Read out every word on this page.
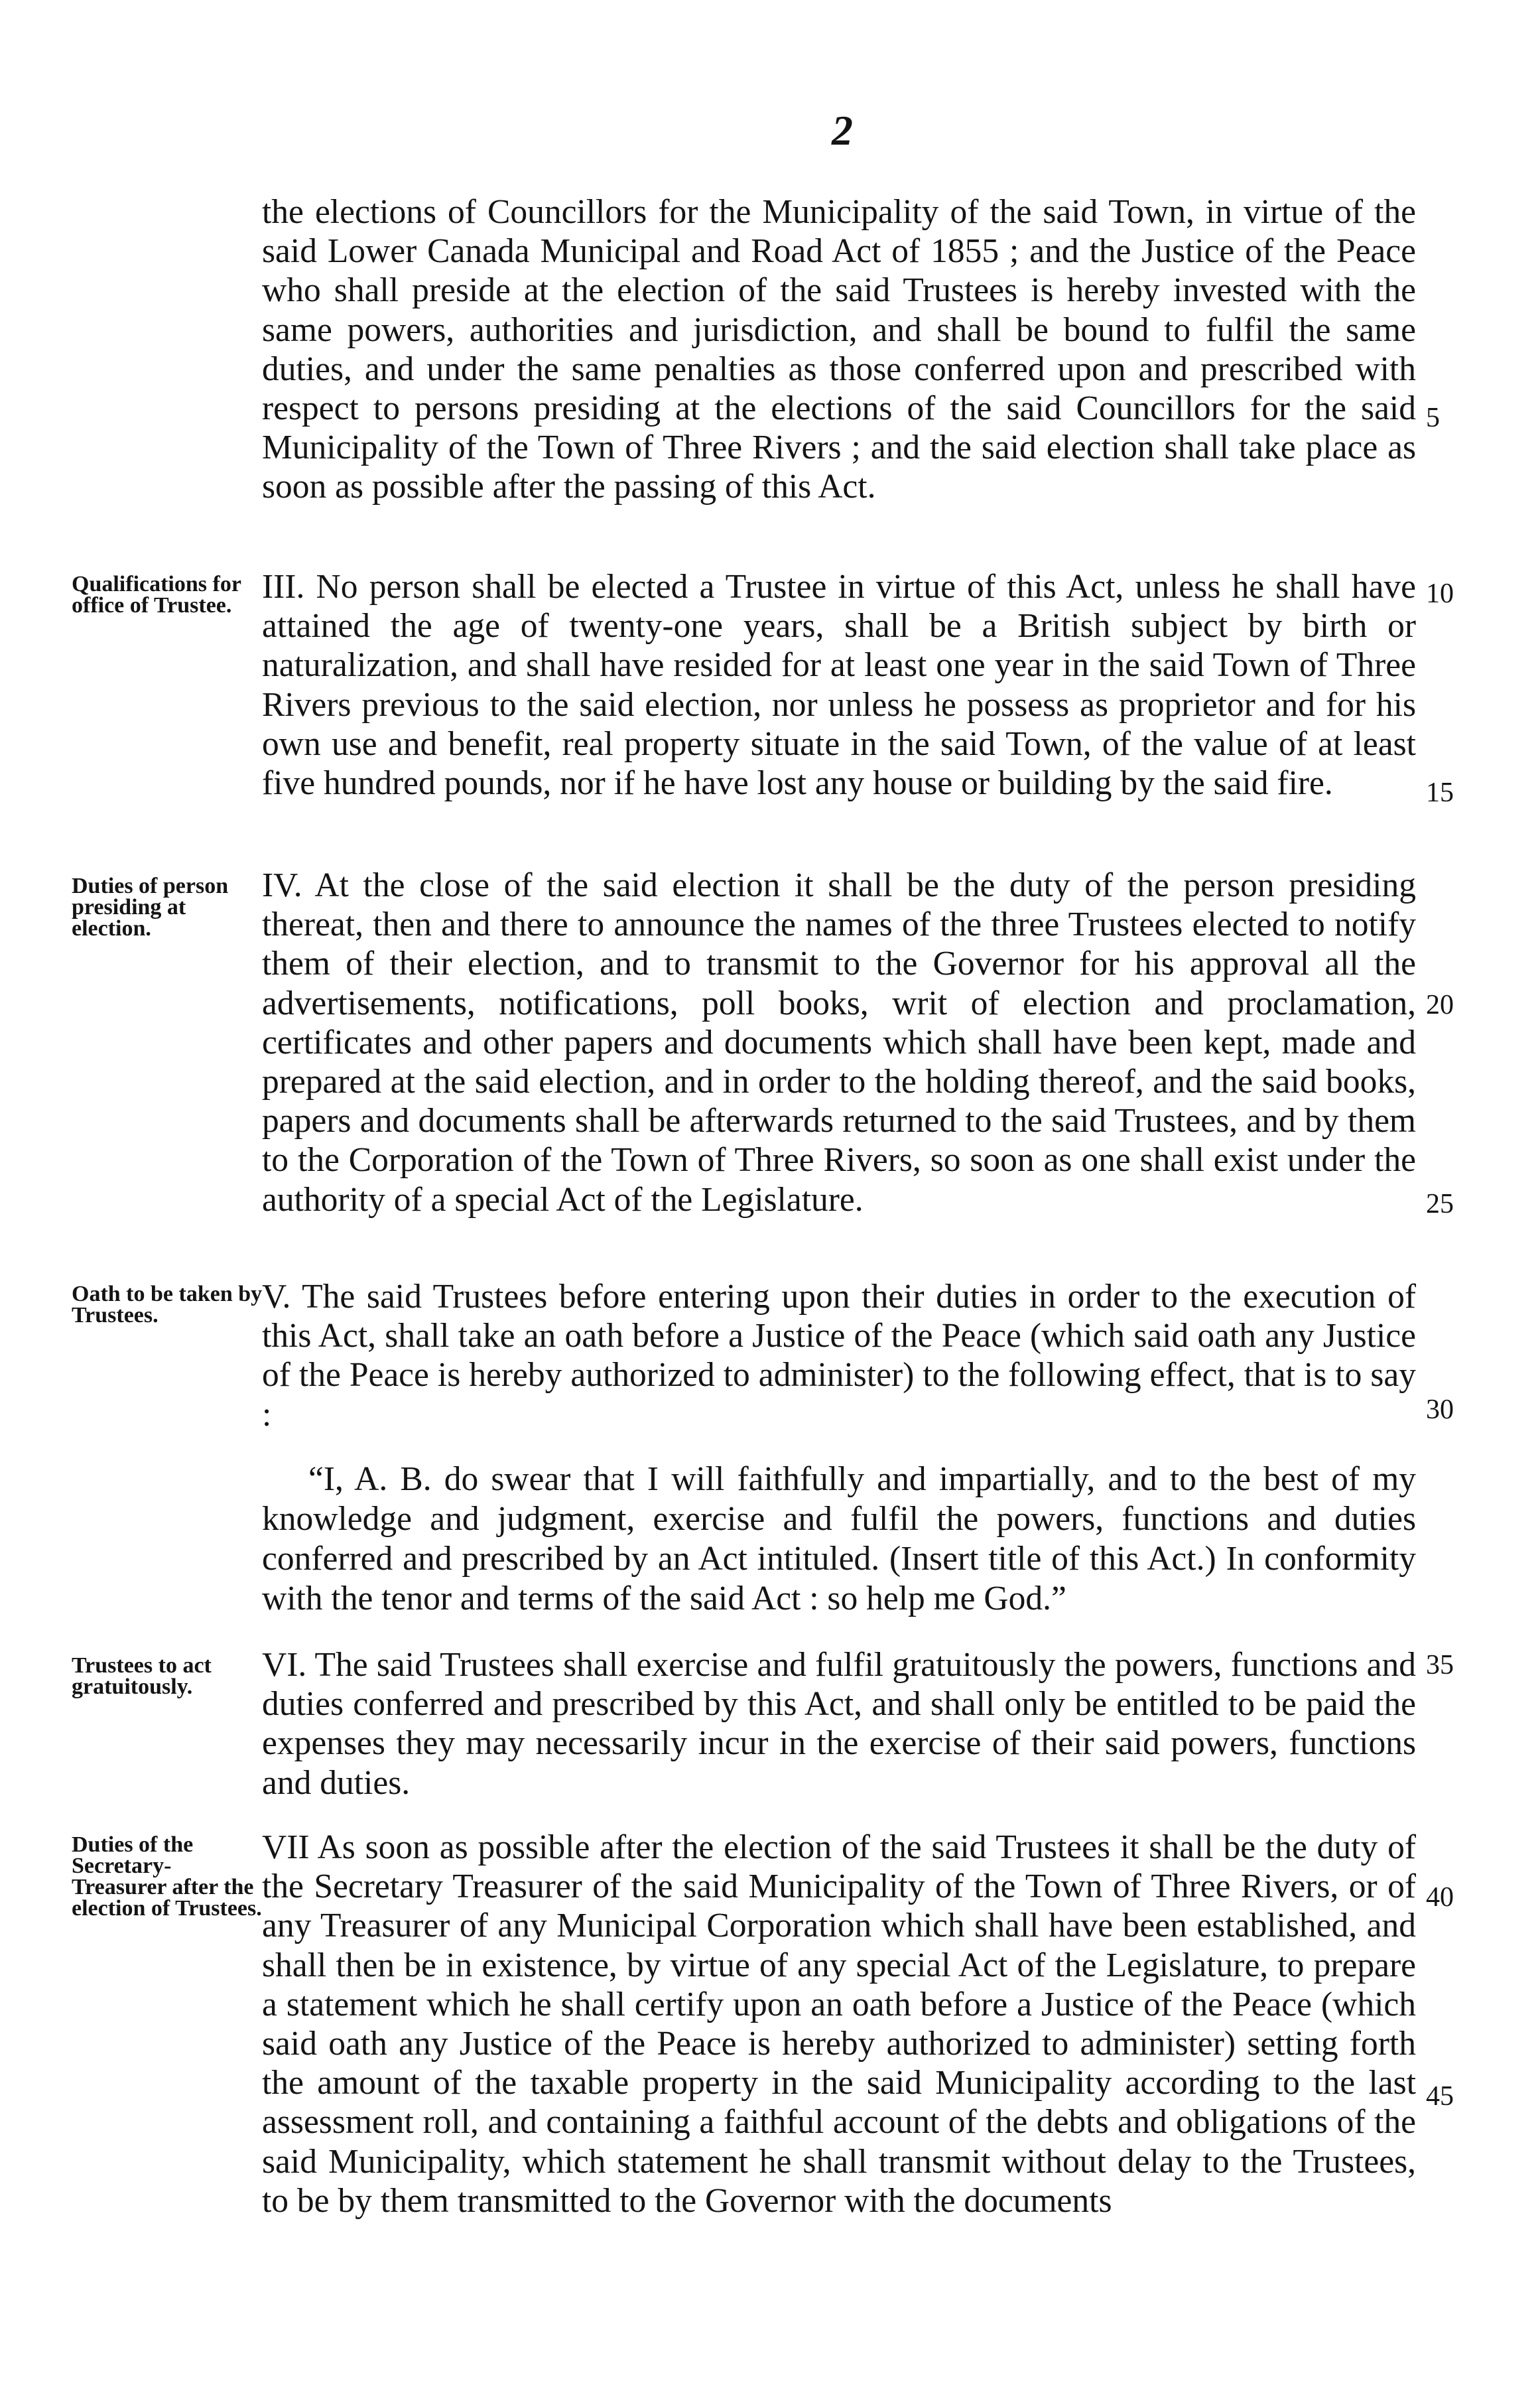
2

the elections of Councillors for the Municipality of the said Town, in virtue of the said Lower Canada Municipal and Road Act of 1855 ; and the Justice of the Peace who shall preside at the election of the said Trustees is hereby invested with the same powers, authorities and jurisdiction, and shall be bound to fulfil the same duties, and under the same penalties as those conferred upon and prescribed with respect to persons presiding at the elections of the said Councillors for the said Municipality of the Town of Three Rivers ; and the said election shall take place as soon as possible after the passing of this Act.

5

Qualifications for office of Trustee. III. No person shall be elected a Trustee in virtue of this Act, unless he shall have attained the age of twenty-one years, shall be a British subject by birth or naturalization, and shall have resided for at least one year in the said Town of Three Rivers previous to the said election, nor unless he possess as proprietor and for his own use and benefit, real property situate in the said Town, of the value of at least five hundred pounds, nor if he have lost any house or building by the said fire.

10
15

Duties of person presiding at election.

IV. At the close of the said election it shall be the duty of the person presiding thereat, then and there to announce the names of the three Trustees elected to notify them of their election, and to transmit to the Governor for his approval all the advertisements, notifications, poll books, writ of election and proclamation, certificates and other papers and documents which shall have been kept, made and prepared at the said election, and in order to the holding thereof, and the said books, papers and documents shall be afterwards returned to the said Trustees, and by them to the Corporation of the Town of Three Rivers, so soon as one shall exist under the authority of a special Act of the Legislature.

20
25

Oath to be taken by Trustees.	V. The said Trustees before entering upon their duties in order to the execution of this Act, shall take an oath before a Justice of the Peace (which said oath any Justice of the Peace is hereby authorized to administer) to the following effect, that is to say :	30

“I, A. B. do swear that I will faithfully and impartially, and to the best of my knowledge and judgment, exercise and fulfil the powers, functions and duties conferred and prescribed by an Act intituled. (Insert title of this Act.) In conformity with the tenor and terms of the said Act : so help me God.”

Trustees to act gratuitously.

VI. The said Trustees shall exercise and fulfil gratuitously the powers, functions and duties conferred and prescribed by this Act, and shall only be entitled to be paid the expenses they may necessarily incur in the exercise of their said powers, functions and duties.

35

Duties of the Secretary-Treasurer after the election of Trustees.

VII As soon as possible after the election of the said Trustees it shall be the duty of the Secretary Treasurer of the said Municipality of the Town of Three Rivers, or of any Treasurer of any Municipal Corporation which shall have been established, and shall then be in existence, by virtue of any special Act of the Legislature, to prepare a statement which he shall certify upon an oath before a Justice of the Peace (which said oath any Justice of the Peace is hereby authorized to administer) setting forth the amount of the taxable property in the said Municipality according to the last assessment roll, and containing a faithful account of the debts and obligations of the said Municipality, which statement he shall transmit without delay to the Trustees, to be by them transmitted to the Governor with the documents

40
45
